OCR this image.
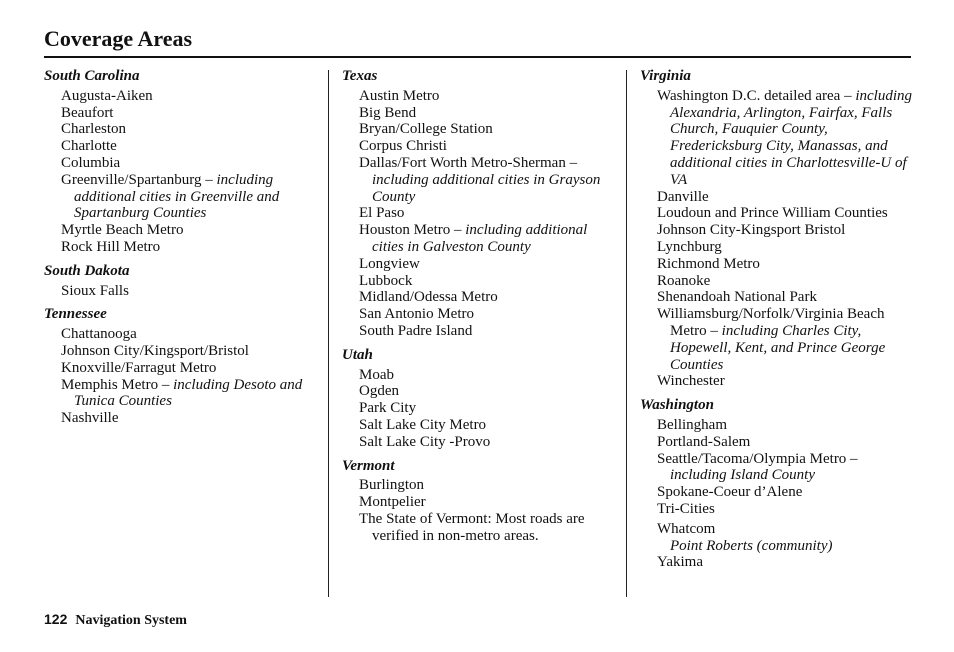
Coverage Areas
South Carolina
Augusta-Aiken
Beaufort
Charleston
Charlotte
Columbia
Greenville/Spartanburg – including additional cities in Greenville and Spartanburg Counties
Myrtle Beach Metro
Rock Hill Metro
South Dakota
Sioux Falls
Tennessee
Chattanooga
Johnson City/Kingsport/Bristol
Knoxville/Farragut Metro
Memphis Metro – including Desoto and Tunica Counties
Nashville
Texas
Austin Metro
Big Bend
Bryan/College Station
Corpus Christi
Dallas/Fort Worth Metro-Sherman – including additional cities in Grayson County
El Paso
Houston Metro – including additional cities in Galveston County
Longview
Lubbock
Midland/Odessa Metro
San Antonio Metro
South Padre Island
Utah
Moab
Ogden
Park City
Salt Lake City Metro
Salt Lake City -Provo
Vermont
Burlington
Montpelier
The State of Vermont: Most roads are verified in non-metro areas.
Virginia
Washington D.C. detailed area – including Alexandria, Arlington, Fairfax, Falls Church, Fauquier County, Fredericksburg City, Manassas, and additional cities in Charlottesville-U of VA
Danville
Loudoun and Prince William Counties
Johnson City-Kingsport Bristol
Lynchburg
Richmond Metro
Roanoke
Shenandoah National Park
Williamsburg/Norfolk/Virginia Beach Metro – including Charles City, Hopewell, Kent, and Prince George Counties
Winchester
Washington
Bellingham
Portland-Salem
Seattle/Tacoma/Olympia Metro – including Island County
Spokane-Coeur d’Alene
Tri-Cities
Whatcom
Point Roberts (community)
Yakima
122 Navigation System
